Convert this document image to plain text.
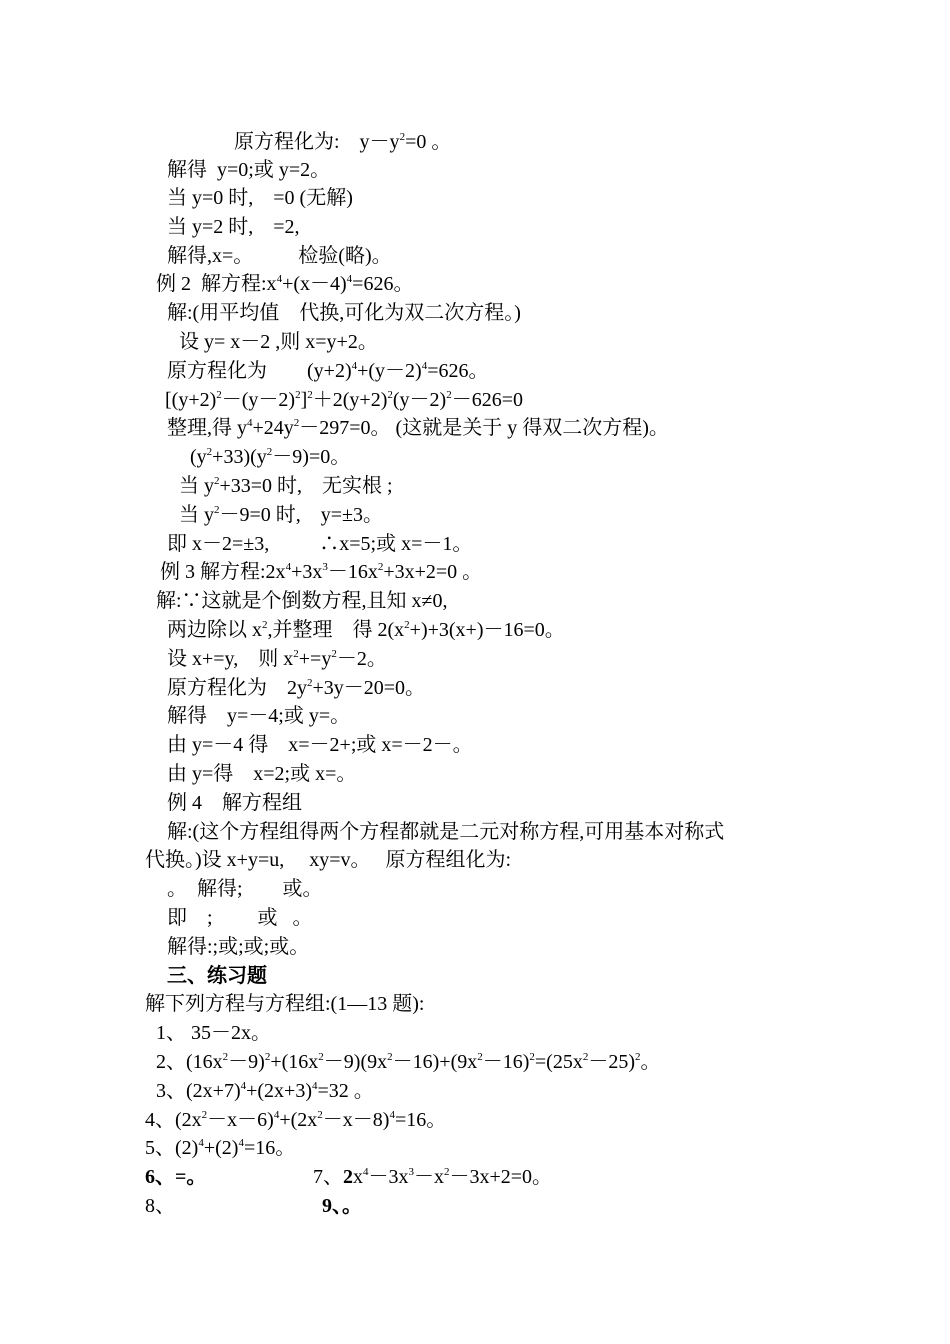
原方程化为:    $y-y^2=0$ 。
解得  y=0;或 y=2。
当 y=0 时,    =0 (无解)
当 y=2 时,    =2,
解得,x=。         检验(略)。
例 2  解方程$:x^4+(x-4)^4=626$。
解:(用平均值    代换,可化为双二次方程。)
设 y= x－2 ,则 x=y+2。
原方程化为        $(y+2)^4+(y-2)^4=626$。
$[(y+2)^2-(y-2)^2]^2+2(y+2)^2(y-2)^2-626=0$
整理,得 $y^4+24y^2-297=0$。 (这就是关于 y 得双二次方程)。
$(y^2+33)(y^2-9)=0$。
当 $y^2+33=0$ 时,    无实根 ;
当 $y^2-9=0$ 时,    y=±3。
即 x－2=±3,          ∴x=5;或 x=－1。
例 3 解方程$:2x^4+3x^3-16x^2+3x+2=0$ 。
解:∵这就是个倒数方程,且知 x≠0,
两边除以 $x^2$,并整理    得 $2(x^2+)+3(x+)-16=0$。
设 x+=y,    则 $x^2+=y^2-2$。
原方程化为    $2y^2+3y-20=0$。
解得    y=－4;或 y=。
由 y=－4 得    x=－2+;或 x=－2－。
由 y=得    x=2;或 x=。
例 4    解方程组
解:(这个方程组得两个方程都就是二元对称方程,可用基本对称式
代换。)设 x+y=u,     xy=v。   原方程组化为:
。  解得;        或。
即    ;         或   。
解得:;或;或;或。
三、练习题
解下列方程与方程组:(1—13 题):
1、 35－2x。
2、$(16x^2-9)^2+(16x^2-9)(9x^2-16)+(9x^2-16)^2=(25x^2-25)^2$。
3、$(2x+7)^4+(2x+3)^4=32$ 。
4、$(2x^2-x-6)^4+(2x^2-x-8)^4=16$。
5、$(2)^4+(2)^4=16$。
6、=。	7、$2x^4-3x^3-x^2-3x+2=0$。
8、	9、。
